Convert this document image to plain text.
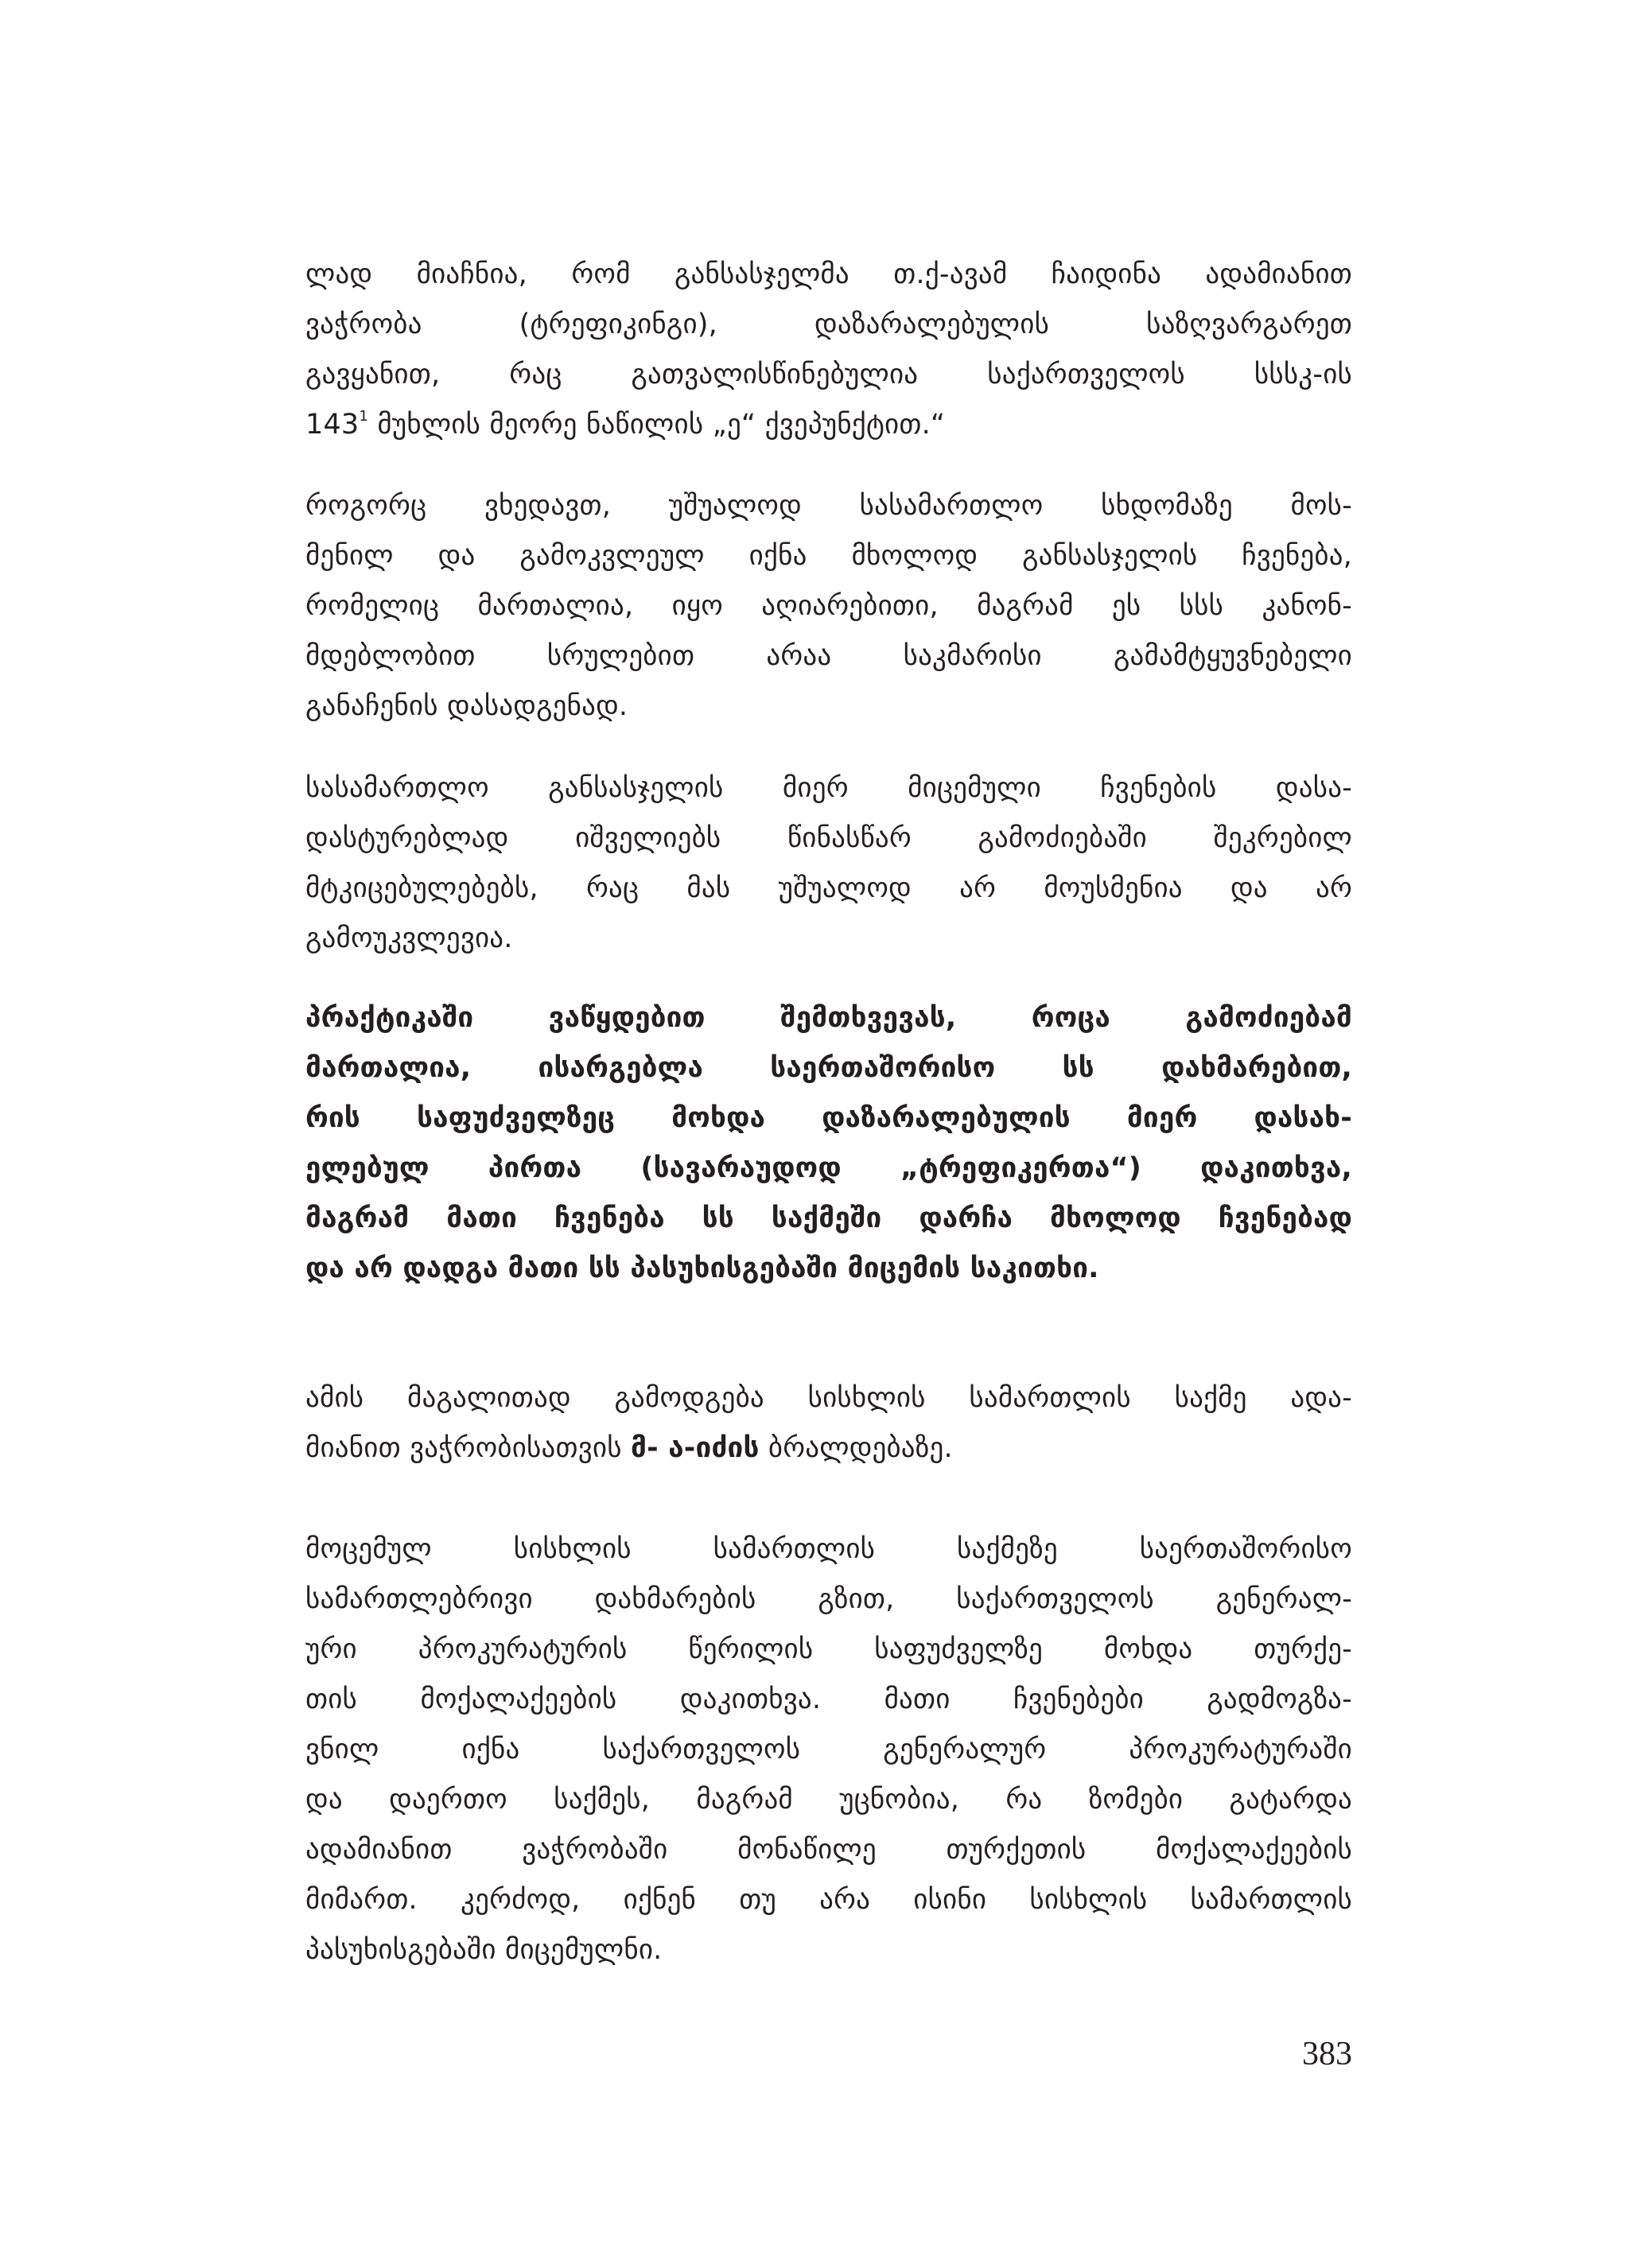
ლად მიაჩნია, რომ განსასჯელმა თ.ქ-ავამ ჩაიდინა ადამიანით
ვაჭრობა (ტრეფიკინგი), დაზარალებულის საზღვარგარეთ
გავყანით, რაც გათვალისწინებულია საქართველოს სსსკ-ის
143$^1$ მუხლის მეორე ნაწილის „ე“ ქვეპუნქტით.“
როგორც ვხედავთ, უშუალოდ სასამართლო სხდომაზე მოს-
მენილ და გამოკვლეულ იქნა მხოლოდ განსასჯელის ჩვენება,
რომელიც მართალია, იყო აღიარებითი, მაგრამ ეს სსს კანონ-
მდებლობით სრულებით არაა საკმარისი გამამტყუვნებელი
განაჩენის დასადგენად.
სასამართლო განსასჯელის მიერ მიცემული ჩვენების დასა-
დასტურებლად იშველიებს წინასწარ გამოძიებაში შეკრებილ
მტკიცებულებებს, რაც მას უშუალოდ არ მოუსმენია და არ
გამოუკვლევია.
პრაქტიკაში ვაწყდებით შემთხვევას, როცა გამოძიებამ
მართალია, ისარგებლა საერთაშორისო სს დახმარებით,
რის საფუძველზეც მოხდა დაზარალებულის მიერ დასახ-
ელებულ პირთა (სავარაუდოდ „ტრეფიკერთა“) დაკითხვა,
მაგრამ მათი ჩვენება სს საქმეში დარჩა მხოლოდ ჩვენებად
და არ დადგა მათი სს პასუხისგებაში მიცემის საკითხი.
ამის მაგალითად გამოდგება სისხლის სამართლის საქმე ადა-
მიანით ვაჭრობისათვის მ- ა-იძის ბრალდებაზე.
მოცემულ სისხლის სამართლის საქმეზე საერთაშორისო
სამართლებრივი დახმარების გზით, საქართველოს გენერალ-
ური პროკურატურის წერილის საფუძველზე მოხდა თურქე-
თის მოქალაქეების დაკითხვა. მათი ჩვენებები გადმოგზა-
ვნილ იქნა საქართველოს გენერალურ პროკურატურაში
და დაერთო საქმეს, მაგრამ უცნობია, რა ზომები გატარდა
ადამიანით ვაჭრობაში მონაწილე თურქეთის მოქალაქეების
მიმართ. კერძოდ, იქნენ თუ არა ისინი სისხლის სამართლის
პასუხისგებაში მიცემულნი.

383
